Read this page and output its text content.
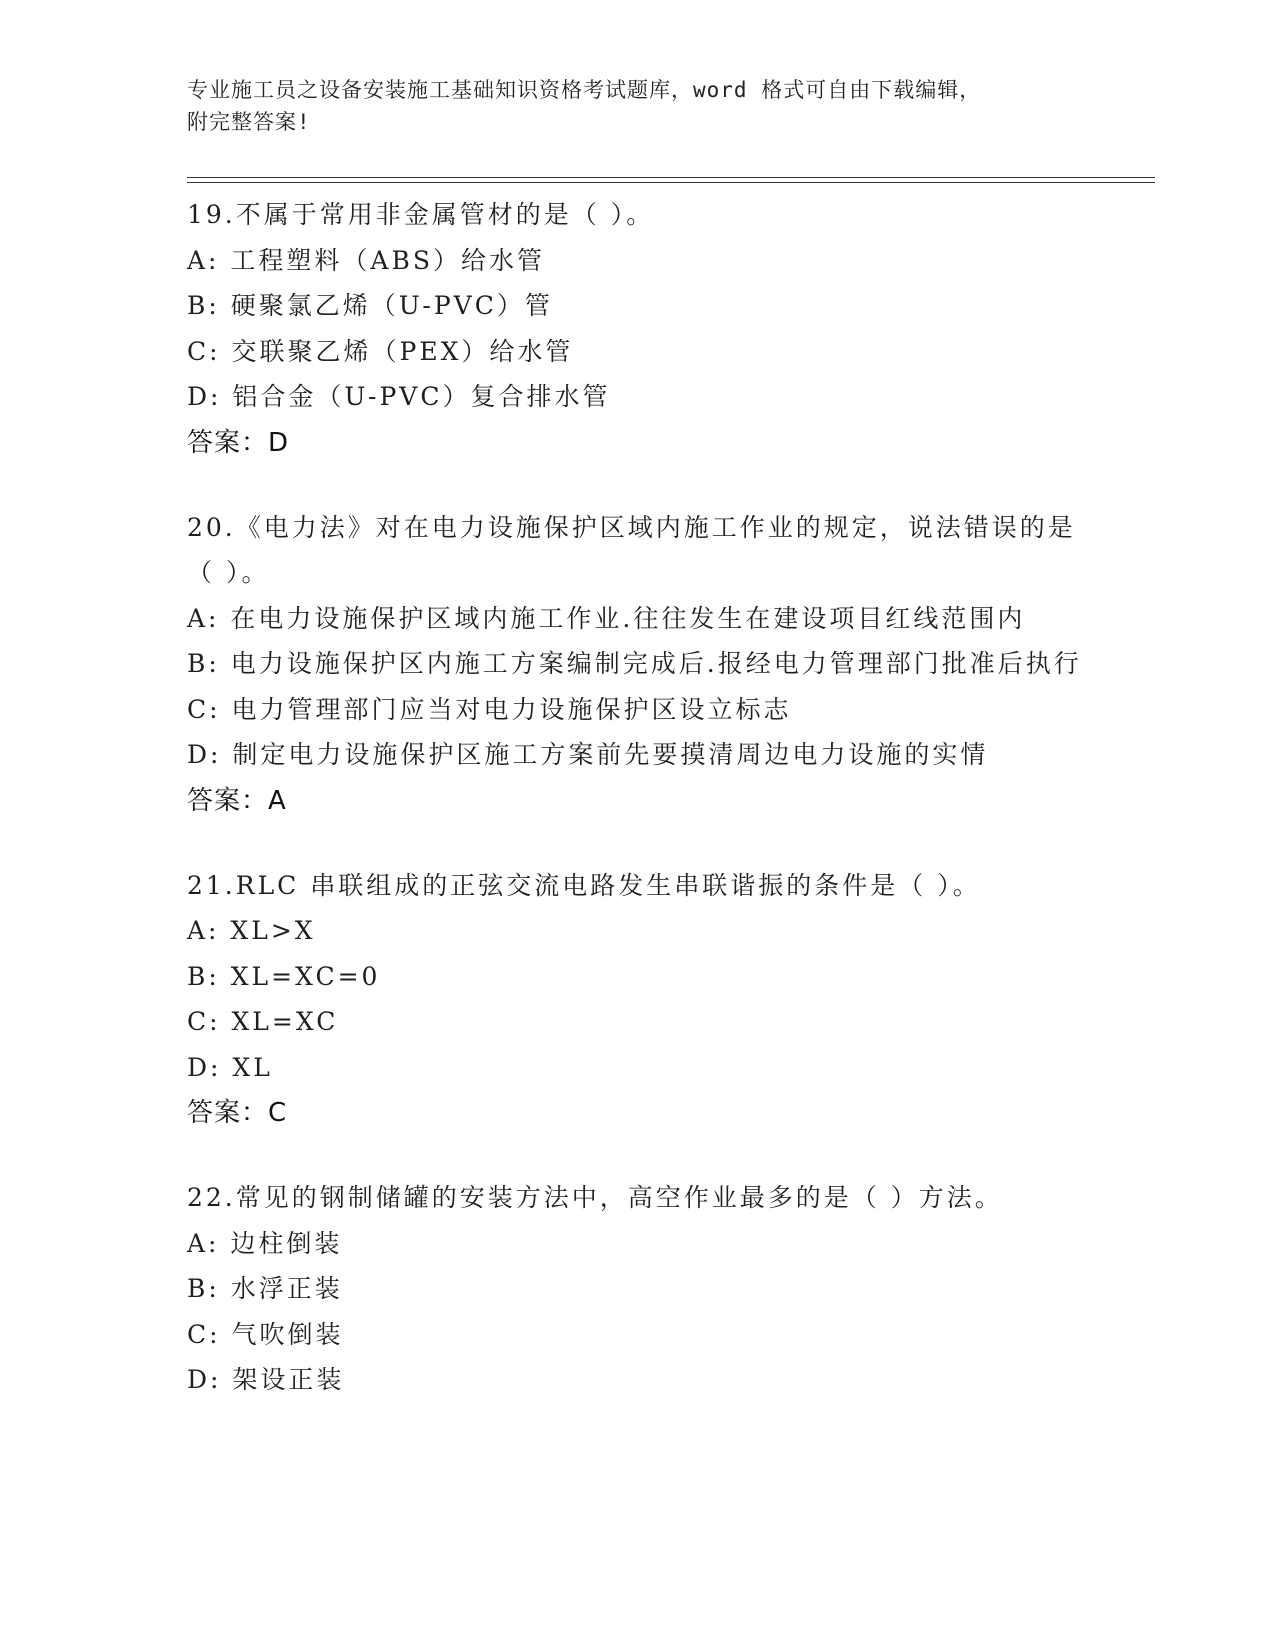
专业施工员之设备安装施工基础知识资格考试题库，word 格式可自由下载编辑，
附完整答案!
19.不属于常用非金属管材的是（ ）。
A: 工程塑料（ABS）给水管
B: 硬聚氯乙烯（U-PVC）管
C: 交联聚乙烯（PEX）给水管
D: 铝合金（U-PVC）复合排水管
答案：D
20.《电力法》对在电力设施保护区域内施工作业的规定，说法错误的是（ ）。
A: 在电力设施保护区域内施工作业.往往发生在建设项目红线范围内
B: 电力设施保护区内施工方案编制完成后.报经电力管理部门批准后执行
C: 电力管理部门应当对电力设施保护区设立标志
D: 制定电力设施保护区施工方案前先要摸清周边电力设施的实情
答案：A
21.RLC 串联组成的正弦交流电路发生串联谐振的条件是（ ）。
A: XL>X
B: XL=XC=0
C: XL=XC
D: XL
答案：C
22.常见的钢制储罐的安装方法中，高空作业最多的是（ ）方法。
A: 边柱倒装
B: 水浮正装
C: 气吹倒装
D: 架设正装
